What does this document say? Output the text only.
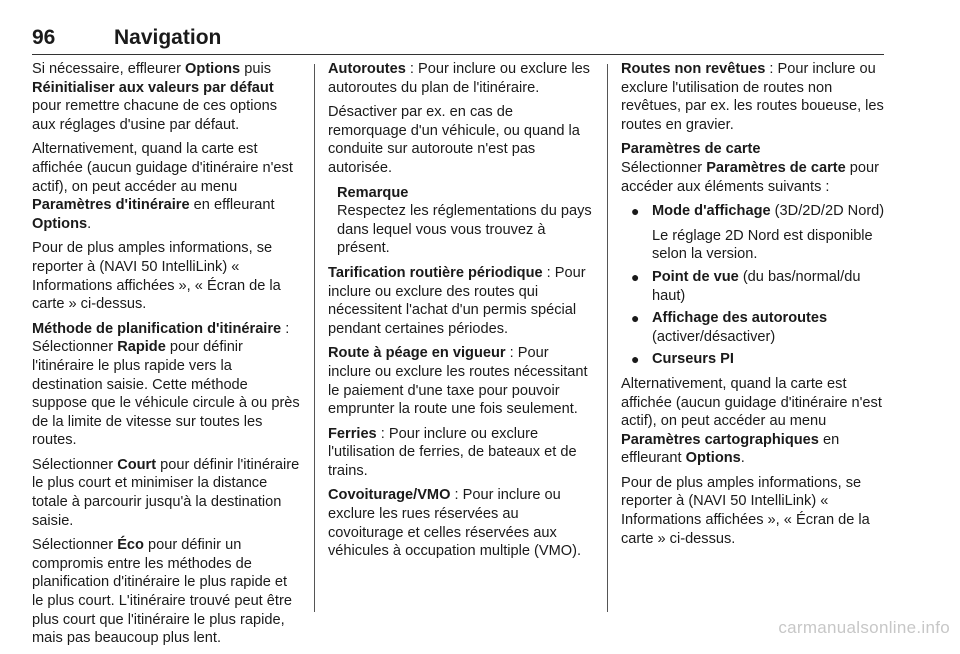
96	Navigation

Si nécessaire, effleurer Options puis Réinitialiser aux valeurs par défaut pour remettre chacune de ces options aux réglages d'usine par défaut.

Alternativement, quand la carte est affichée (aucun guidage d'itinéraire n'est actif), on peut accéder au menu Paramètres d'itinéraire en effleurant Options.

Pour de plus amples informations, se reporter à (NAVI 50 IntelliLink) « Informations affichées », « Écran de la carte » ci-dessus.

Méthode de planification d'itinéraire : Sélectionner Rapide pour définir l'itinéraire le plus rapide vers la destination saisie. Cette méthode suppose que le véhicule circule à ou près de la limite de vitesse sur toutes les routes.

Sélectionner Court pour définir l'itinéraire le plus court et minimiser la distance totale à parcourir jusqu'à la destination saisie.

Sélectionner Éco pour définir un compromis entre les méthodes de planification d'itinéraire le plus rapide et le plus court. L'itinéraire trouvé peut être plus court que l'itinéraire le plus rapide, mais pas beaucoup plus lent.

Autoroutes : Pour inclure ou exclure les autoroutes du plan de l'itinéraire.

Désactiver par ex. en cas de remorquage d'un véhicule, ou quand la conduite sur autoroute n'est pas autorisée.

Remarque
Respectez les réglementations du pays dans lequel vous vous trouvez à présent.

Tarification routière périodique : Pour inclure ou exclure des routes qui nécessitent l'achat d'un permis spécial pendant certaines périodes.

Route à péage en vigueur : Pour inclure ou exclure les routes nécessitant le paiement d'une taxe pour pouvoir emprunter la route une fois seulement.

Ferries : Pour inclure ou exclure l'utilisation de ferries, de bateaux et de trains.

Covoiturage/VMO : Pour inclure ou exclure les rues réservées au covoiturage et celles réservées aux véhicules à occupation multiple (VMO).

Routes non revêtues : Pour inclure ou exclure l'utilisation de routes non revêtues, par ex. les routes boueuse, les routes en gravier.

Paramètres de carte
Sélectionner Paramètres de carte pour accéder aux éléments suivants :

● Mode d'affichage (3D/2D/2D Nord)
Le réglage 2D Nord est disponible selon la version.
● Point de vue (du bas/normal/du haut)
● Affichage des autoroutes (activer/désactiver)
● Curseurs PI

Alternativement, quand la carte est affichée (aucun guidage d'itinéraire n'est actif), on peut accéder au menu Paramètres cartographiques en effleurant Options.

Pour de plus amples informations, se reporter à (NAVI 50 IntelliLink) « Informations affichées », « Écran de la carte » ci-dessus.

carmanualsonline.info
